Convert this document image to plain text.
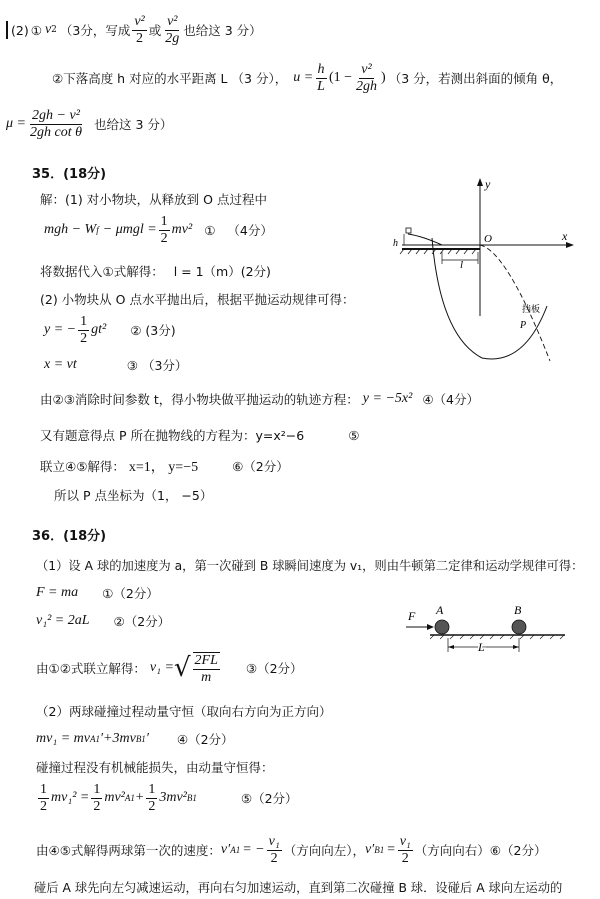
(2) ① v 2 （3分，写成 $\frac{\text{v²}}{2}$ 或 $\frac{\text{v²}}{2g}$ 也给这 3 分）
②下落高度 h 对应的水平距离 L （3 分）， $u = \frac{h}{L} (1 - \frac{\text{v²}}{2gh}$ ) （3 分，若测出斜面的倾角 θ，
$\mu = \frac{\text{2gh − v²}}{\text{2gh cot θ}}$ 也给这 3 分）
35．(18分)
解：(1) 对小物块，从释放到 O 点过程中
mgh − W $f - \mu mgl = \frac{1}{2} mv^2$ ① （4分）
将数据代入①式解得： l = 1（m）(2分)
(2) 小物块从 O 点水平抛出后，根据平抛运动规律可得：
y = − $\frac{1}{2} gt^2$ ② (3分)
x = vt	③ （3分）
由②③消除时间参数 t，得小物块做平抛运动的轨迹方程： y = −5x² ④（4分）
又有题意得点 P 所在抛物线的方程为：y=x²−6	⑤
联立④⑤解得： x=1， y=−5	⑥（2分）
所以 P 点坐标为（1， −5）
y
x
O
h
l
挡板
P
36．(18分)
（1）设 A 球的加速度为 a，第一次碰到 B 球瞬间速度为 v₁，则由牛顿第二定律和运动学规律可得：
F = ma ①（2分）
v₁² = 2aL ②（2分）	F A	B
L
由①②式联立解得： v₁ = √ $\frac{2FL}{m}$ ③（2分）
（2）两球碰撞过程动量守恒（取向右方向为正方向）
mv₁ = mv A1 ′+3mv B1 ′ ④（2分）
碰撞过程没有机械能损失，由动量守恒得：
$\frac{1}{2} mv_1^2 = \frac{1}{2} mv^2$ $A1 + \frac{1}{2} 3mv^2$ B1	⑤（2分）
由④⑤式解得两球第一次的速度： v′ A1 = − $\frac{\text{v₁}}{2}$ （方向向左）， v′ $B1 = \frac{\text{v₁}}{2}$ （方向向右）⑥（2分）
碰后 A 球先向左匀减速运动，再向右匀加速运动，直到第二次碰撞 B 球．设碰后 A 球向左运动的
